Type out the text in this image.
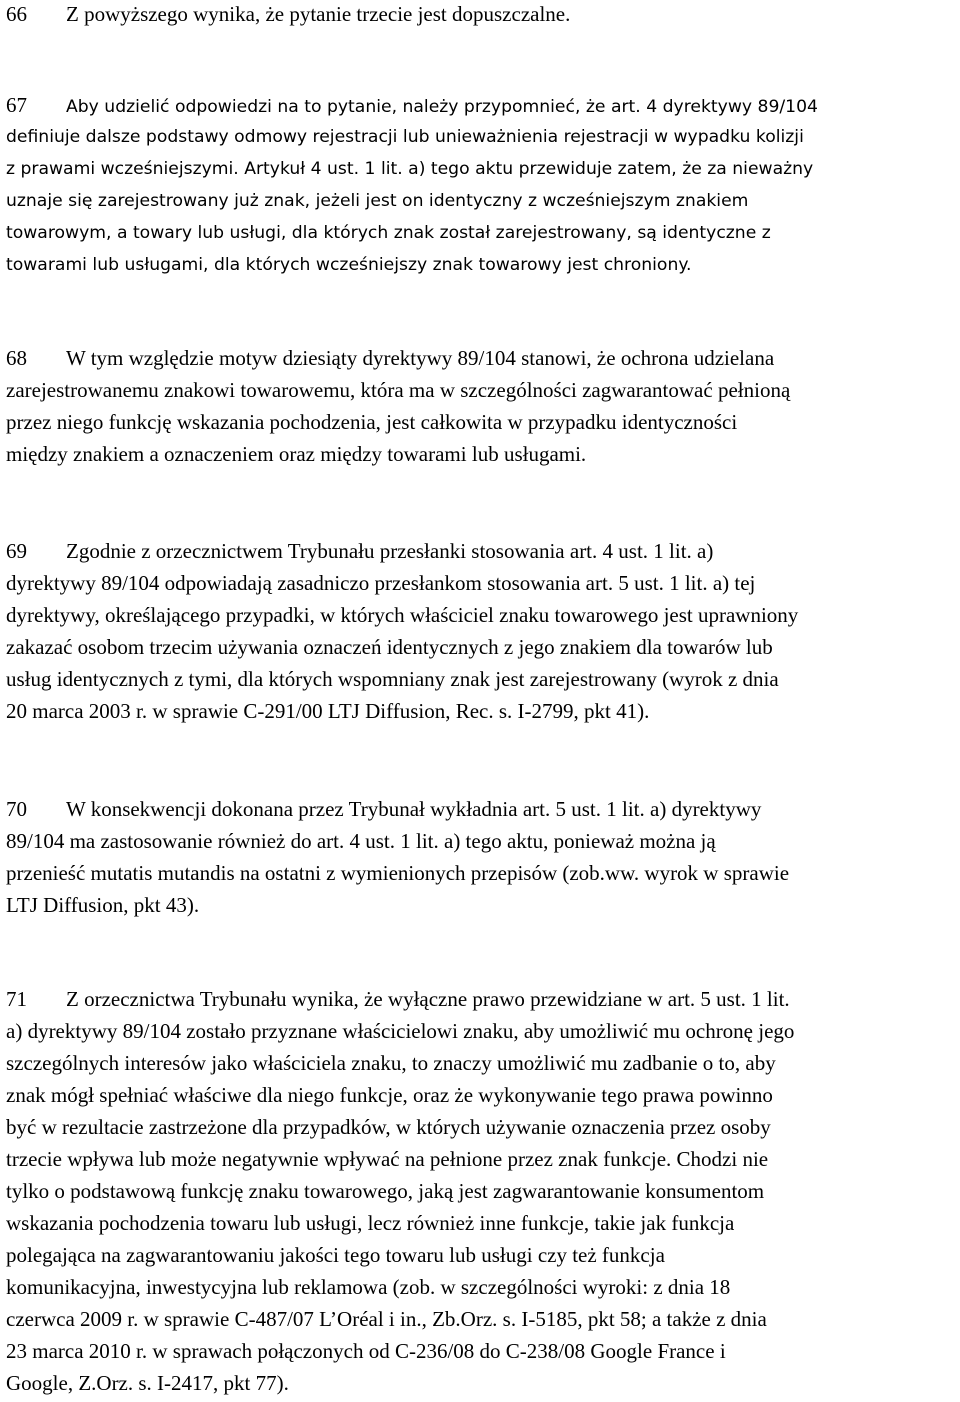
66 Z powyższego wynika, że pytanie trzecie jest dopuszczalne.
67 Aby udzielić odpowiedzi na to pytanie, należy przypomnieć, że art. 4 dyrektywy 89/104
definiuje dalsze podstawy odmowy rejestracji lub unieważnienia rejestracji w wypadku kolizji
z prawami wcześniejszymi. Artykuł 4 ust. 1 lit. a) tego aktu przewiduje zatem, że za nieważny
uznaje się zarejestrowany już znak, jeżeli jest on identyczny z wcześniejszym znakiem
towarowym, a towary lub usługi, dla których znak został zarejestrowany, są identyczne z
towarami lub usługami, dla których wcześniejszy znak towarowy jest chroniony.
68 W tym względzie motyw dziesiąty dyrektywy 89/104 stanowi, że ochrona udzielana
zarejestrowanemu znakowi towarowemu, która ma w szczególności zagwarantować pełnioną
przez niego funkcję wskazania pochodzenia, jest całkowita w przypadku identyczności
między znakiem a oznaczeniem oraz między towarami lub usługami.
69 Zgodnie z orzecznictwem Trybunału przesłanki stosowania art. 4 ust. 1 lit. a)
dyrektywy 89/104 odpowiadają zasadniczo przesłankom stosowania art. 5 ust. 1 lit. a) tej
dyrektywy, określającego przypadki, w których właściciel znaku towarowego jest uprawniony
zakazać osobom trzecim używania oznaczeń identycznych z jego znakiem dla towarów lub
usług identycznych z tymi, dla których wspomniany znak jest zarejestrowany (wyrok z dnia
20 marca 2003 r. w sprawie C‑291/00 LTJ Diffusion, Rec. s. I‑2799, pkt 41).
70 W konsekwencji dokonana przez Trybunał wykładnia art. 5 ust. 1 lit. a) dyrektywy
89/104 ma zastosowanie również do art. 4 ust. 1 lit. a) tego aktu, ponieważ można ją
przenieść mutatis mutandis na ostatni z wymienionych przepisów (zob.ww. wyrok w sprawie
LTJ Diffusion, pkt 43).
71 Z orzecznictwa Trybunału wynika, że wyłączne prawo przewidziane w art. 5 ust. 1 lit.
a) dyrektywy 89/104 zostało przyznane właścicielowi znaku, aby umożliwić mu ochronę jego
szczególnych interesów jako właściciela znaku, to znaczy umożliwić mu zadbanie o to, aby
znak mógł spełniać właściwe dla niego funkcje, oraz że wykonywanie tego prawa powinno
być w rezultacie zastrzeżone dla przypadków, w których używanie oznaczenia przez osoby
trzecie wpływa lub może negatywnie wpływać na pełnione przez znak funkcje. Chodzi nie
tylko o podstawową funkcję znaku towarowego, jaką jest zagwarantowanie konsumentom
wskazania pochodzenia towaru lub usługi, lecz również inne funkcje, takie jak funkcja
polegająca na zagwarantowaniu jakości tego towaru lub usługi czy też funkcja
komunikacyjna, inwestycyjna lub reklamowa (zob. w szczególności wyroki: z dnia 18
czerwca 2009 r. w sprawie C‑487/07 L’Oréal i in., Zb.Orz. s. I‑5185, pkt 58; a także z dnia
23 marca 2010 r. w sprawach połączonych od C‑236/08 do C‑238/08 Google France i
Google, Z.Orz. s. I‑2417, pkt 77).
